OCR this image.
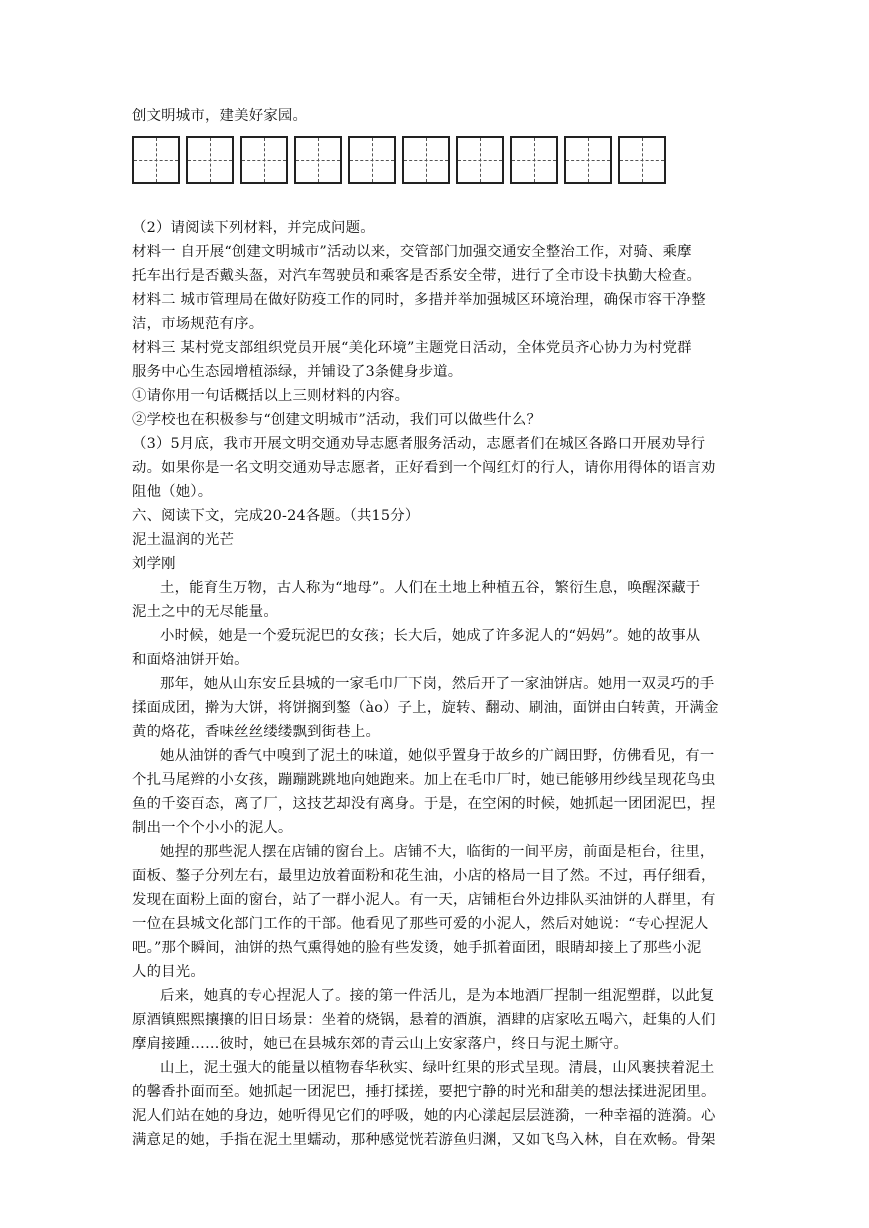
创文明城市，建美好家园。
（2）请阅读下列材料，并完成问题。
材料一 自开展“创建文明城市”活动以来，交管部门加强交通安全整治工作，对骑、乘摩
托车出行是否戴头盔，对汽车驾驶员和乘客是否系安全带，进行了全市设卡执勤大检查。
材料二 城市管理局在做好防疫工作的同时，多措并举加强城区环境治理，确保市容干净整
洁，市场规范有序。
材料三 某村党支部组织党员开展“美化环境”主题党日活动，全体党员齐心协力为村党群
服务中心生态园增植添绿，并铺设了3条健身步道。
①请你用一句话概括以上三则材料的内容。
②学校也在积极参与“创建文明城市”活动，我们可以做些什么？
（3）5月底，我市开展文明交通劝导志愿者服务活动，志愿者们在城区各路口开展劝导行
动。如果你是一名文明交通劝导志愿者，正好看到一个闯红灯的行人，请你用得体的语言劝
阻他（她）。
六、阅读下文，完成20-24各题。（共15分）
泥土温润的光芒
刘学刚
土，能育生万物，古人称为“地母”。人们在土地上种植五谷，繁衍生息，唤醒深藏于
泥土之中的无尽能量。
小时候，她是一个爱玩泥巴的女孩；长大后，她成了许多泥人的“妈妈”。她的故事从
和面烙油饼开始。
那年，她从山东安丘县城的一家毛巾厂下岗，然后开了一家油饼店。她用一双灵巧的手
揉面成团，擀为大饼，将饼搁到鏊（ào）子上，旋转、翻动、刷油，面饼由白转黄，开满金
黄的烙花，香味丝丝缕缕飘到街巷上。
她从油饼的香气中嗅到了泥土的味道，她似乎置身于故乡的广阔田野，仿佛看见，有一
个扎马尾辫的小女孩，蹦蹦跳跳地向她跑来。加上在毛巾厂时，她已能够用纱线呈现花鸟虫
鱼的千姿百态，离了厂，这技艺却没有离身。于是，在空闲的时候，她抓起一团团泥巴，捏
制出一个个小小的泥人。
她捏的那些泥人摆在店铺的窗台上。店铺不大，临街的一间平房，前面是柜台，往里，
面板、鏊子分列左右，最里边放着面粉和花生油，小店的格局一目了然。不过，再仔细看，
发现在面粉上面的窗台，站了一群小泥人。有一天，店铺柜台外边排队买油饼的人群里，有
一位在县城文化部门工作的干部。他看见了那些可爱的小泥人，然后对她说：“专心捏泥人
吧。”那个瞬间，油饼的热气熏得她的脸有些发烫，她手抓着面团，眼睛却接上了那些小泥
人的目光。
后来，她真的专心捏泥人了。接的第一件活儿，是为本地酒厂捏制一组泥塑群，以此复
原酒镇熙熙攘攘的旧日场景：坐着的烧锅，悬着的酒旗，酒肆的店家吆五喝六，赶集的人们
摩肩接踵……彼时，她已在县城东郊的青云山上安家落户，终日与泥土厮守。
山上，泥土强大的能量以植物春华秋实、绿叶红果的形式呈现。清晨，山风裹挟着泥土
的馨香扑面而至。她抓起一团泥巴，捶打揉搓，要把宁静的时光和甜美的想法揉进泥团里。
泥人们站在她的身边，她听得见它们的呼吸，她的内心漾起层层涟漪，一种幸福的涟漪。心
满意足的她，手指在泥土里蠕动，那种感觉恍若游鱼归渊，又如飞鸟入林，自在欢畅。骨架
